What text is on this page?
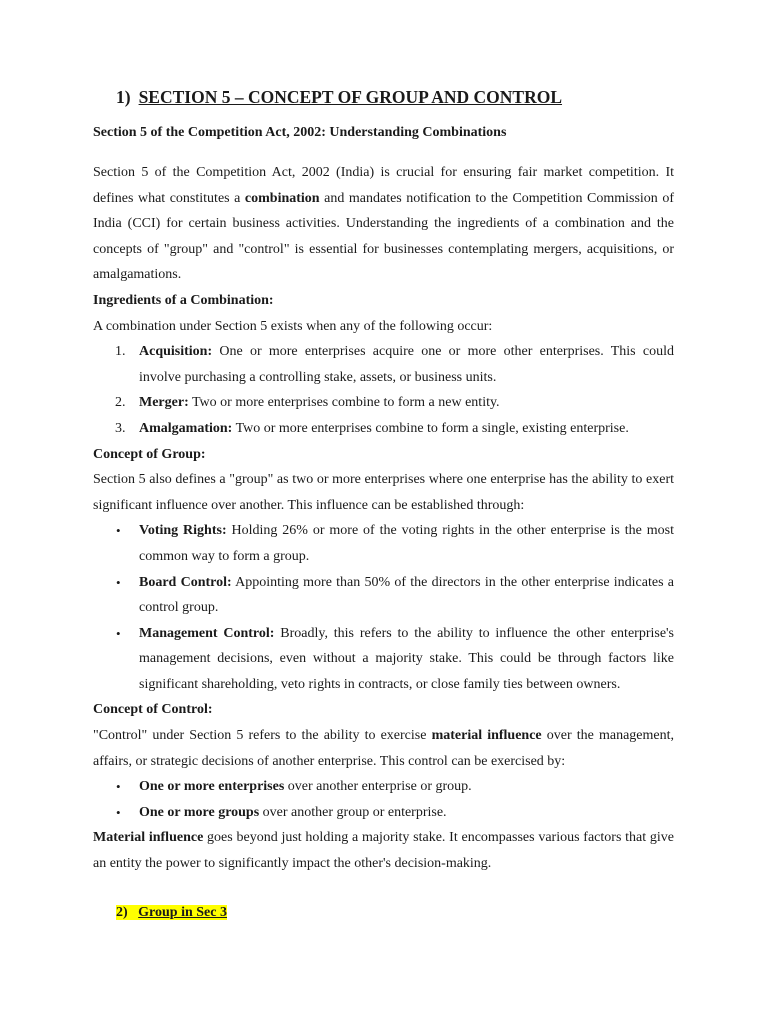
1) SECTION 5 – CONCEPT OF GROUP AND CONTROL
Section 5 of the Competition Act, 2002: Understanding Combinations

Section 5 of the Competition Act, 2002 (India) is crucial for ensuring fair market competition. It defines what constitutes a combination and mandates notification to the Competition Commission of India (CCI) for certain business activities. Understanding the ingredients of a combination and the concepts of "group" and "control" is essential for businesses contemplating mergers, acquisitions, or amalgamations.

Ingredients of a Combination:
A combination under Section 5 exists when any of the following occur:
1. Acquisition: One or more enterprises acquire one or more other enterprises. This could involve purchasing a controlling stake, assets, or business units.
2. Merger: Two or more enterprises combine to form a new entity.
3. Amalgamation: Two or more enterprises combine to form a single, existing enterprise.
Concept of Group:

Section 5 also defines a "group" as two or more enterprises where one enterprise has the ability to exert significant influence over another. This influence can be established through:

• Voting Rights: Holding 26% or more of the voting rights in the other enterprise is the most common way to form a group.
• Board Control: Appointing more than 50% of the directors in the other enterprise indicates a control group.
• Management Control: Broadly, this refers to the ability to influence the other enterprise's management decisions, even without a majority stake. This could be through factors like significant shareholding, veto rights in contracts, or close family ties between owners.
Concept of Control:

"Control" under Section 5 refers to the ability to exercise material influence over the management, affairs, or strategic decisions of another enterprise. This control can be exercised by:

• One or more enterprises over another enterprise or group.
• One or more groups over another group or enterprise.

Material influence goes beyond just holding a majority stake. It encompasses various factors that give an entity the power to significantly impact the other's decision-making.

2) Group in Sec 3
